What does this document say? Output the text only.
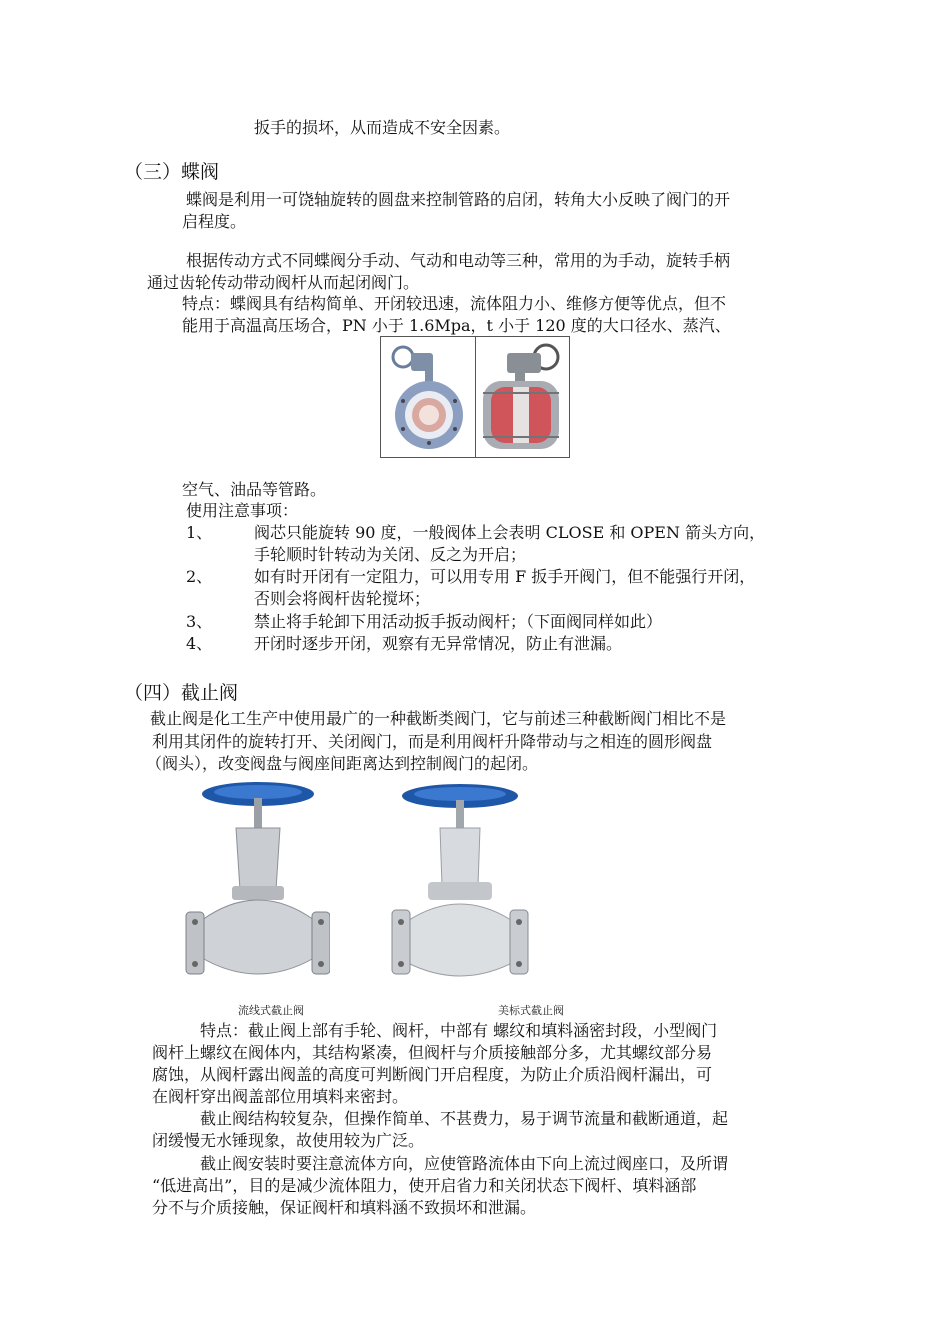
扳手的损坏，从而造成不安全因素。
（三）蝶阀
蝶阀是利用一可饶轴旋转的圆盘来控制管路的启闭，转角大小反映了阀门的开
启程度。
根据传动方式不同蝶阀分手动、气动和电动等三种，常用的为手动，旋转手柄
通过齿轮传动带动阀杆从而起闭阀门。
特点：蝶阀具有结构简单、开闭较迅速，流体阻力小、维修方便等优点，但不
能用于高温高压场合，PN 小于 1.6Mpa，t 小于 120 度的大口径水、蒸汽、
空气、油品等管路。
使用注意事项：
1、	阀芯只能旋转 90 度，一般阀体上会表明 CLOSE 和 OPEN 箭头方向，
手轮顺时针转动为关闭、反之为开启；
2、	如有时开闭有一定阻力，可以用专用 F 扳手开阀门，但不能强行开闭，
否则会将阀杆齿轮搅坏；
3、	禁止将手轮卸下用活动扳手扳动阀杆；（下面阀同样如此）
4、	开闭时逐步开闭，观察有无异常情况，防止有泄漏。
（四）截止阀
截止阀是化工生产中使用最广的一种截断类阀门，它与前述三种截断阀门相比不是
利用其闭件的旋转打开、关闭阀门，而是利用阀杆升降带动与之相连的圆形阀盘
（阀头），改变阀盘与阀座间距离达到控制阀门的起闭。
流线式截止阀	美标式截止阀
特点：截止阀上部有手轮、阀杆，中部有 螺纹和填料涵密封段，小型阀门
阀杆上螺纹在阀体内，其结构紧凑，但阀杆与介质接触部分多，尤其螺纹部分易
腐蚀，从阀杆露出阀盖的高度可判断阀门开启程度，为防止介质沿阀杆漏出，可
在阀杆穿出阀盖部位用填料来密封。
截止阀结构较复杂，但操作简单、不甚费力，易于调节流量和截断通道，起
闭缓慢无水锤现象，故使用较为广泛。
截止阀安装时要注意流体方向，应使管路流体由下向上流过阀座口，及所谓
“低进高出”，目的是减少流体阻力，使开启省力和关闭状态下阀杆、填料涵部
分不与介质接触，保证阀杆和填料涵不致损坏和泄漏。
